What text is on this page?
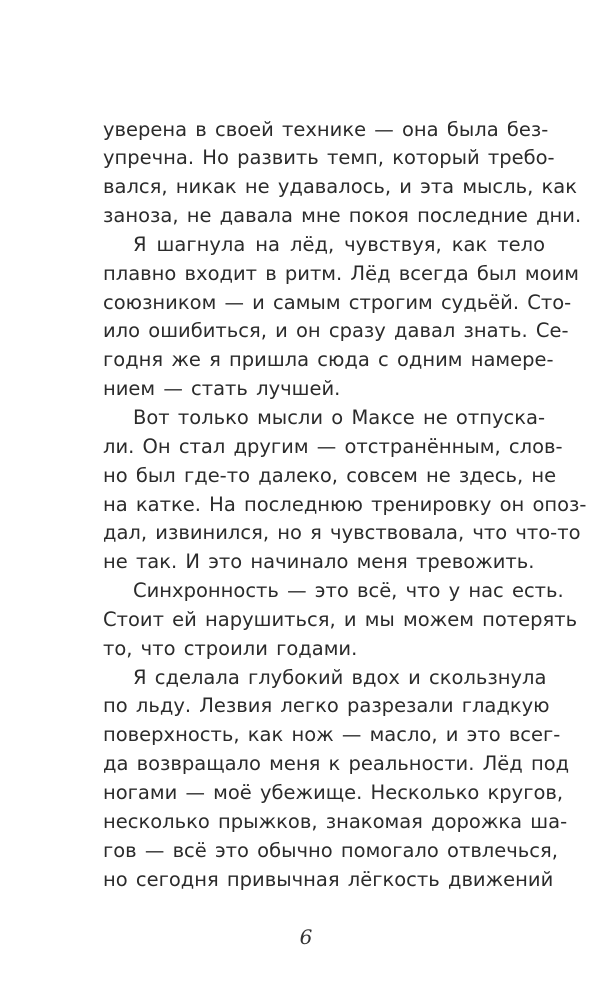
уверена в своей технике — она была без-
упречна. Но развить темп, который требо-
вался, никак не удавалось, и эта мысль, как
заноза, не давала мне покоя последние дни.
Я шагнула на лёд, чувствуя, как тело
плавно входит в ритм. Лёд всегда был моим
союзником — и самым строгим судьёй. Сто-
ило ошибиться, и он сразу давал знать. Се-
годня же я пришла сюда с одним намере-
нием — стать лучшей.
Вот только мысли о Максе не отпуска-
ли. Он стал другим — отстранённым, слов-
но был где-то далеко, совсем не здесь, не
на катке. На последнюю тренировку он опоз-
дал, извинился, но я чувствовала, что что-то
не так. И это начинало меня тревожить.
Синхронность — это всё, что у нас есть.
Стоит ей нарушиться, и мы можем потерять
то, что строили годами.
Я сделала глубокий вдох и скользнула
по льду. Лезвия легко разрезали гладкую
поверхность, как нож — масло, и это всег-
да возвращало меня к реальности. Лёд под
ногами — моё убежище. Несколько кругов,
несколько прыжков, знакомая дорожка ша-
гов — всё это обычно помогало отвлечься,
но сегодня привычная лёгкость движений
6
